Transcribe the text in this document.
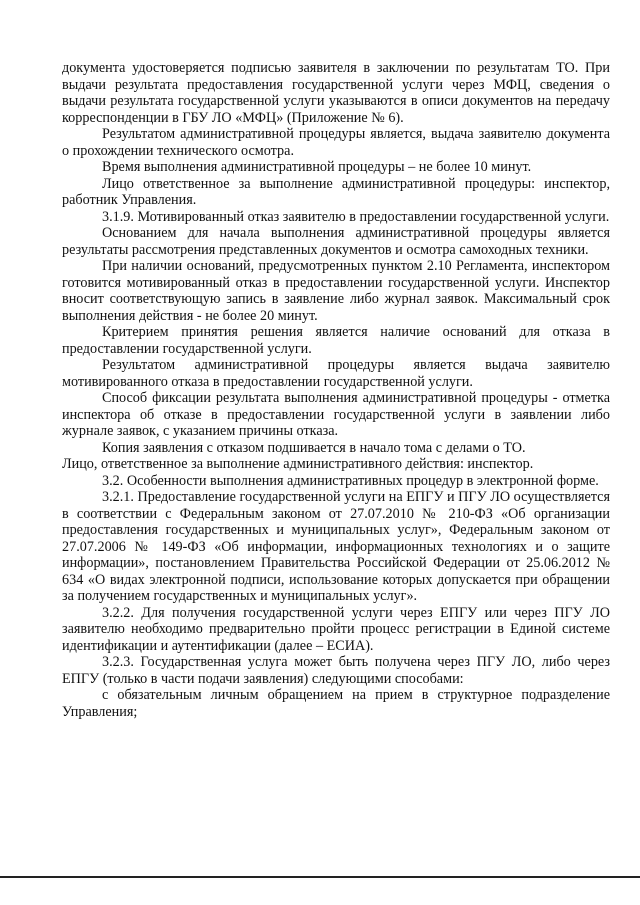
документа удостоверяется подписью заявителя в заключении по результатам ТО. При выдачи результата предоставления государственной услуги через МФЦ, сведения о выдачи результата государственной услуги указываются в описи документов на передачу корреспонденции в ГБУ ЛО «МФЦ» (Приложение № 6).

Результатом административной процедуры является, выдача заявителю документа о прохождении технического осмотра.

Время выполнения административной процедуры – не более 10 минут.

Лицо ответственное за выполнение административной процедуры: инспектор, работник Управления.

3.1.9. Мотивированный отказ заявителю в предоставлении государственной услуги.

Основанием для начала выполнения административной процедуры является результаты рассмотрения представленных документов и осмотра самоходных техники.

При наличии оснований, предусмотренных пунктом 2.10 Регламента, инспектором готовится мотивированный отказ в предоставлении государственной услуги. Инспектор вносит соответствующую запись в заявление либо журнал заявок. Максимальный срок выполнения действия - не более 20 минут.

Критерием принятия решения является наличие оснований для отказа в предоставлении государственной услуги.

Результатом административной процедуры является выдача заявителю мотивированного отказа в предоставлении государственной услуги.

Способ фиксации результата выполнения административной процедуры - отметка инспектора об отказе в предоставлении государственной услуги в заявлении либо журнале заявок, с указанием причины отказа.

Копия заявления с отказом подшивается в начало тома с делами о ТО.

Лицо, ответственное за выполнение административного действия: инспектор.

3.2. Особенности выполнения административных процедур в электронной форме.

3.2.1. Предоставление государственной услуги на ЕПГУ и ПГУ ЛО осуществляется в соответствии с Федеральным законом от 27.07.2010 № 210-ФЗ «Об организации предоставления государственных и муниципальных услуг», Федеральным законом от 27.07.2006 № 149-ФЗ «Об информации, информационных технологиях и о защите информации», постановлением Правительства Российской Федерации от 25.06.2012 № 634 «О видах электронной подписи, использование которых допускается при обращении за получением государственных и муниципальных услуг».

3.2.2. Для получения государственной услуги через ЕПГУ или через ПГУ ЛО заявителю необходимо предварительно пройти процесс регистрации в Единой системе идентификации и аутентификации (далее – ЕСИА).

3.2.3. Государственная услуга может быть получена через ПГУ ЛО, либо через ЕПГУ (только в части подачи заявления) следующими способами:

с обязательным личным обращением на прием в структурное подразделение Управления;
